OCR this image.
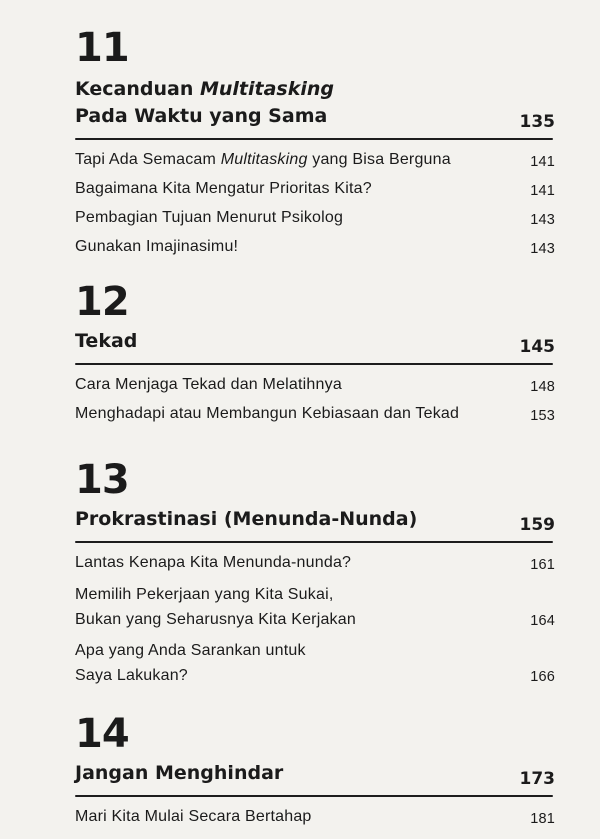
11
Kecanduan Multitasking
Pada Waktu yang Sama	135
Tapi Ada Semacam Multitasking yang Bisa Berguna	141
Bagaimana Kita Mengatur Prioritas Kita?	141
Pembagian Tujuan Menurut Psikolog	143
Gunakan Imajinasimu!	143
12
Tekad	145
Cara Menjaga Tekad dan Melatihnya	148
Menghadapi atau Membangun Kebiasaan dan Tekad	153
13
Prokrastinasi (Menunda-Nunda)	159
Lantas Kenapa Kita Menunda-nunda?	161
Memilih Pekerjaan yang Kita Sukai,
Bukan yang Seharusnya Kita Kerjakan	164
Apa yang Anda Sarankan untuk
Saya Lakukan?	166
14
Jangan Menghindar	173
Mari Kita Mulai Secara Bertahap	181
